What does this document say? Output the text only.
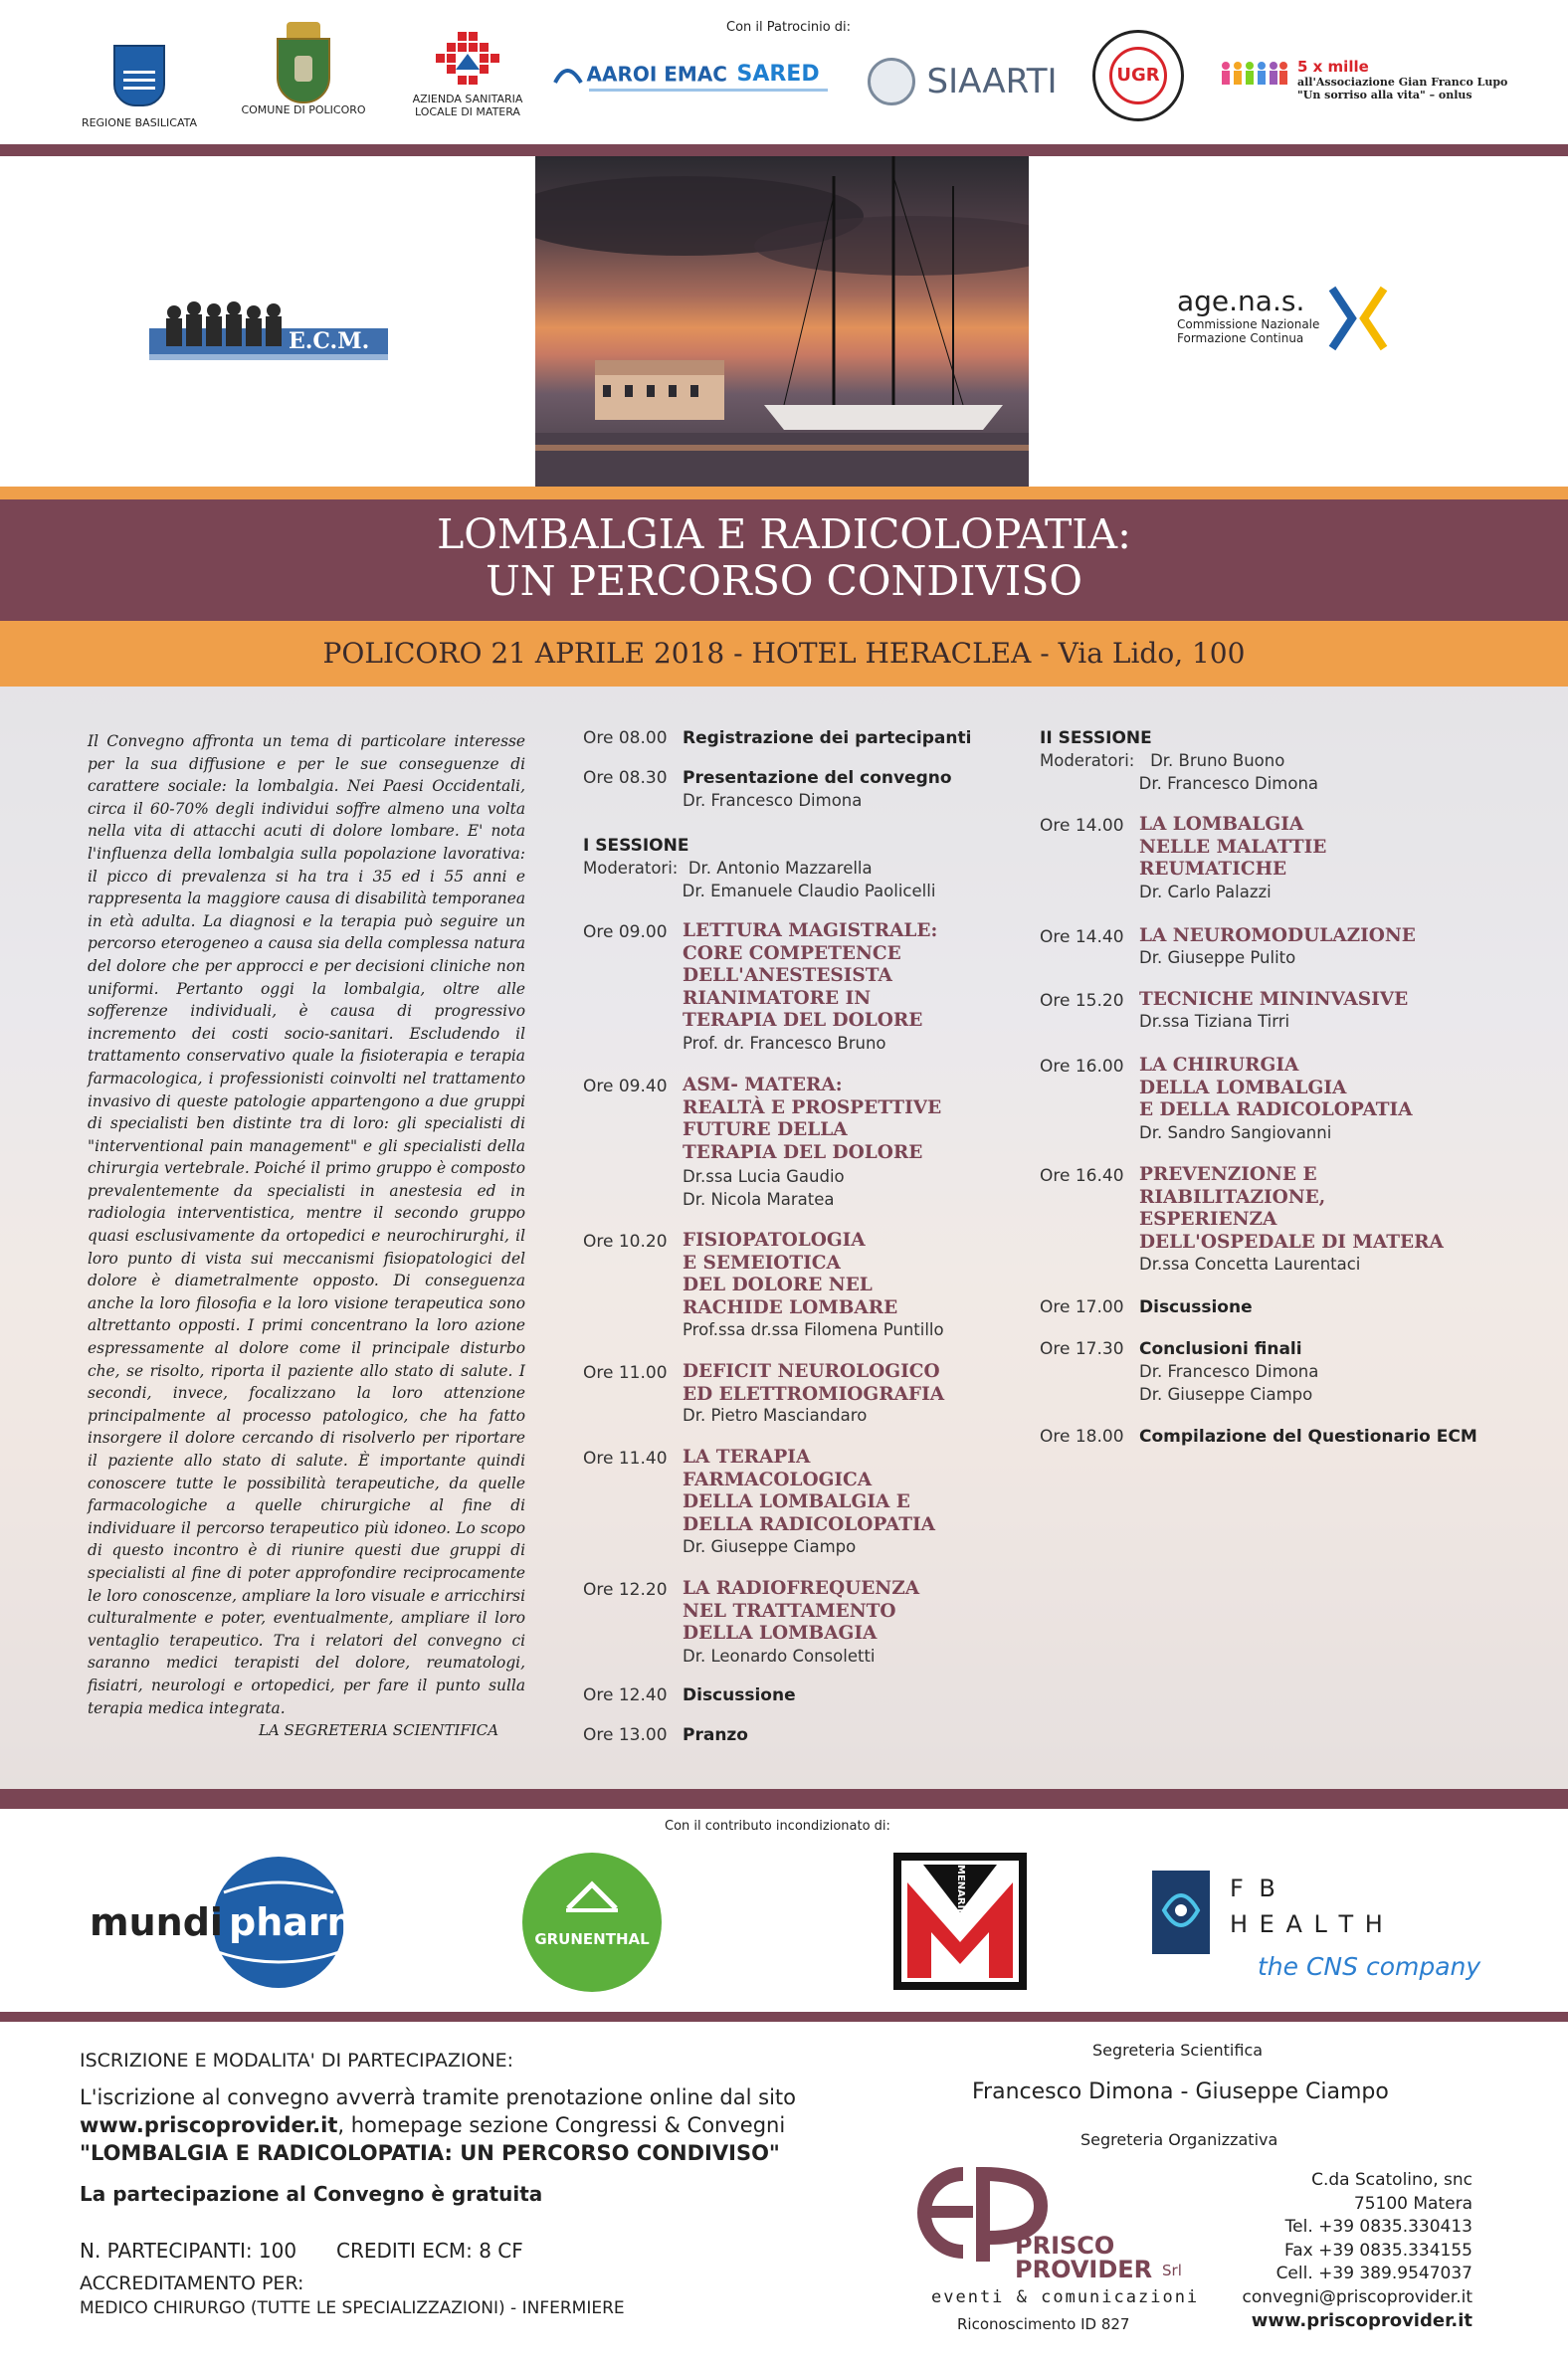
Con il Patrocinio di:
REGIONE BASILICATA
COMUNE DI POLICORO
AZIENDA SANITARIA
LOCALE DI MATERA
AAROI EMAC SARED	SIAARTI	UGR	5 x mille
all'Associazione Gian Franco Lupo
"Un sorriso alla vita" – onlus
E.C.M.
age.na.s.
Commissione Nazionale
Formazione Continua
LOMBALGIA E RADICOLOPATIA:
UN PERCORSO CONDIVISO
POLICORO 21 APRILE 2018 - HOTEL HERACLEA - Via Lido, 100
Il Convegno affronta un tema di particolare interesse per la sua diffusione e per le sue conseguenze di carattere sociale: la lombalgia. Nei Paesi Occidentali, circa il 60-70% degli individui soffre almeno una volta nella vita di attacchi acuti di dolore lombare. E' nota l'influenza della lombalgia sulla popolazione lavorativa: il picco di prevalenza si ha tra i 35 ed i 55 anni e rappresenta la maggiore causa di disabilità temporanea in età adulta. La diagnosi e la terapia può seguire un percorso eterogeneo a causa sia della complessa natura del dolore che per approcci e per decisioni cliniche non uniformi. Pertanto oggi la lombalgia, oltre alle sofferenze individuali, è causa di progressivo incremento dei costi socio-sanitari. Escludendo il trattamento conservativo quale la fisioterapia e terapia farmacologica, i professionisti coinvolti nel trattamento invasivo di queste patologie appartengono a due gruppi di specialisti ben distinte tra di loro: gli specialisti di "interventional pain management" e gli specialisti della chirurgia vertebrale. Poiché il primo gruppo è composto prevalentemente da specialisti in anestesia ed in radiologia interventistica, mentre il secondo gruppo quasi esclusivamente da ortopedici e neurochirurghi, il loro punto di vista sui meccanismi fisiopatologici del dolore è diametralmente opposto. Di conseguenza anche la loro filosofia e la loro visione terapeutica sono altrettanto opposti. I primi concentrano la loro azione espressamente al dolore come il principale disturbo che, se risolto, riporta il paziente allo stato di salute. I secondi, invece, focalizzano la loro attenzione principalmente al processo patologico, che ha fatto insorgere il dolore cercando di risolverlo per riportare il paziente allo stato di salute. È importante quindi conoscere tutte le possibilità terapeutiche, da quelle farmacologiche a quelle chirurgiche al fine di individuare il percorso terapeutico più idoneo. Lo scopo di questo incontro è di riunire questi due gruppi di specialisti al fine di poter approfondire reciprocamente le loro conoscenze, ampliare la loro visuale e arricchirsi culturalmente e poter, eventualmente, ampliare il loro ventaglio terapeutico. Tra i relatori del convegno ci saranno medici terapisti del dolore, reumatologi, fisiatri, neurologi e ortopedici, per fare il punto sulla terapia medica integrata.
LA SEGRETERIA SCIENTIFICA
Ore 08.00 Registrazione dei partecipanti
Ore 08.30 Presentazione del convegno
Dr. Francesco Dimona
I SESSIONE
Moderatori:  Dr. Antonio Mazzarella
Dr. Emanuele Claudio Paolicelli
Ore 09.00 LETTURA MAGISTRALE:
CORE COMPETENCE
DELL'ANESTESISTA
RIANIMATORE IN
TERAPIA DEL DOLORE
Prof. dr. Francesco Bruno
Ore 09.40 ASM- MATERA:
REALTÀ E PROSPETTIVE
FUTURE DELLA
TERAPIA DEL DOLORE
Dr.ssa Lucia Gaudio
Dr. Nicola Maratea
Ore 10.20 FISIOPATOLOGIA
E SEMEIOTICA
DEL DOLORE NEL
RACHIDE LOMBARE
Prof.ssa dr.ssa Filomena Puntillo
Ore 11.00 DEFICIT NEUROLOGICO
ED ELETTROMIOGRAFIA
Dr. Pietro Masciandaro
Ore 11.40 LA TERAPIA
FARMACOLOGICA
DELLA LOMBALGIA E
DELLA RADICOLOPATIA
Dr. Giuseppe Ciampo
Ore 12.20 LA RADIOFREQUENZA
NEL TRATTAMENTO
DELLA LOMBAGIA
Dr. Leonardo Consoletti
Ore 12.40 Discussione
Ore 13.00 Pranzo
II SESSIONE
Moderatori:   Dr. Bruno Buono
Dr. Francesco Dimona
Ore 14.00 LA LOMBALGIA
NELLE MALATTIE
REUMATICHE
Dr. Carlo Palazzi
Ore 14.40 LA NEUROMODULAZIONE
Dr. Giuseppe Pulito
Ore 15.20 TECNICHE MININVASIVE
Dr.ssa Tiziana Tirri
Ore 16.00 LA CHIRURGIA
DELLA LOMBALGIA
E DELLA RADICOLOPATIA
Dr. Sandro Sangiovanni
Ore 16.40 PREVENZIONE E
RIABILITAZIONE,
ESPERIENZA
DELL'OSPEDALE DI MATERA
Dr.ssa Concetta Laurentaci
Ore 17.00 Discussione
Ore 17.30 Conclusioni finali
Dr. Francesco Dimona
Dr. Giuseppe Ciampo
Ore 18.00 Compilazione del Questionario ECM
Con il contributo incondizionato di:
mundi pharma	GRUNENTHAL
MENARINI	F B
H E A L T H
the CNS company
ISCRIZIONE E MODALITA' DI PARTECIPAZIONE:
L'iscrizione al convegno avverrà tramite prenotazione online dal sito
www.priscoprovider.it, homepage sezione Congressi & Convegni
"LOMBALGIA E RADICOLOPATIA: UN PERCORSO CONDIVISO"
La partecipazione al Convegno è gratuita
N. PARTECIPANTI: 100 CREDITI ECM: 8 CF
ACCREDITAMENTO PER:
MEDICO CHIRURGO (TUTTE LE SPECIALIZZAZIONI) - INFERMIERE
Segreteria Scientifica
Francesco Dimona - Giuseppe Ciampo
Segreteria Organizzativa
PRISCO
PROVIDER Srl
eventi & comunicazioni
Riconoscimento ID 827
C.da Scatolino, snc
75100 Matera
Tel. +39 0835.330413
Fax +39 0835.334155
Cell. +39 389.9547037
convegni@priscoprovider.it
www.priscoprovider.it
